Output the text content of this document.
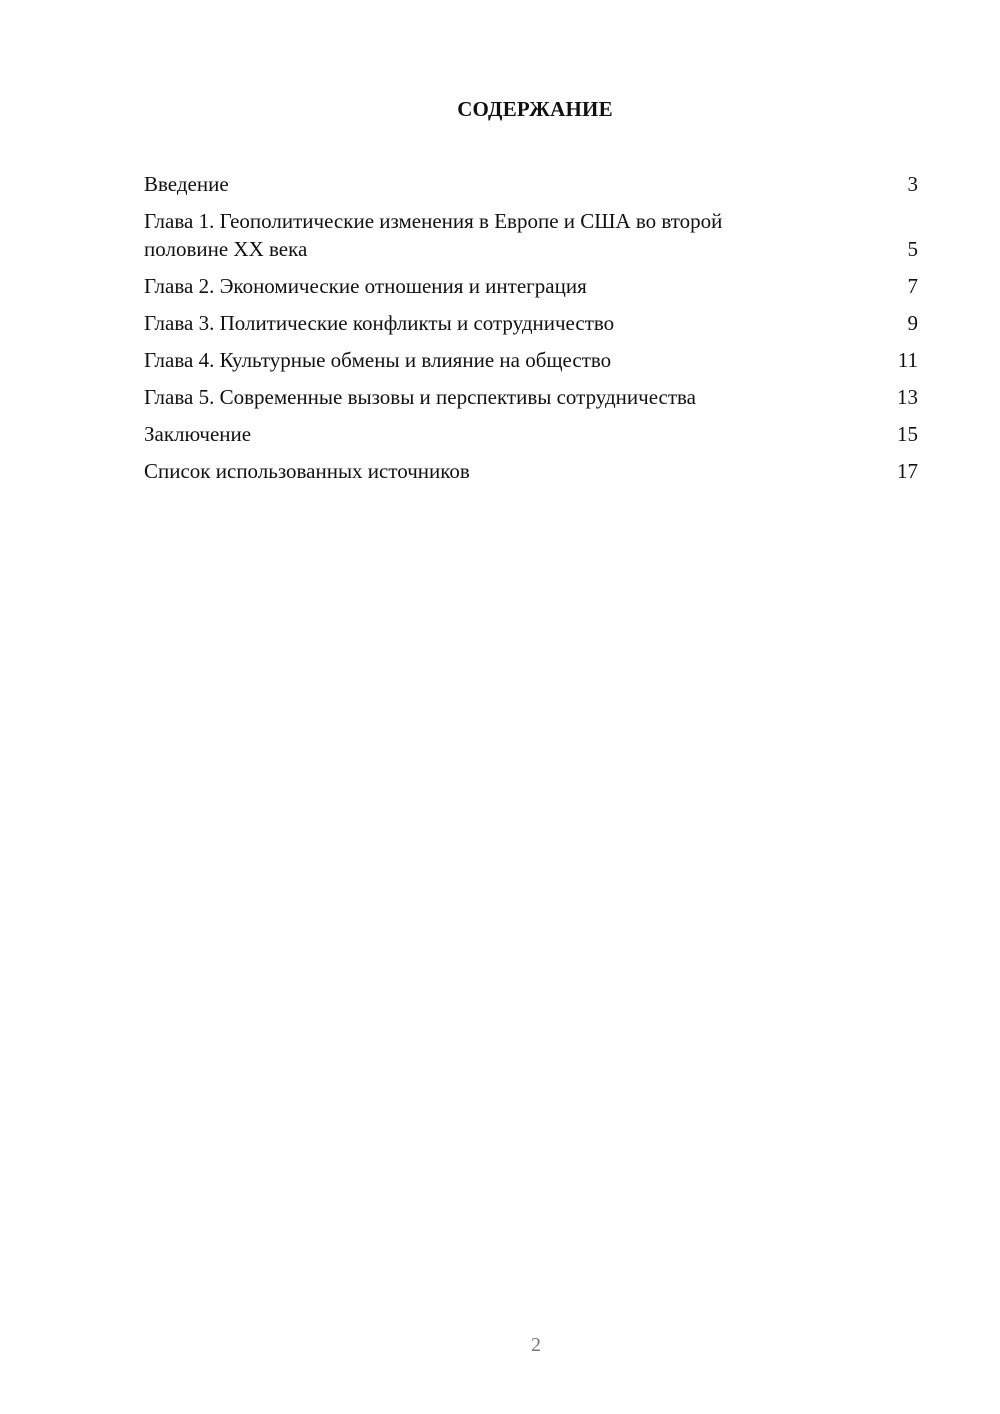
СОДЕРЖАНИЕ
Введение	3
Глава 1. Геополитические изменения в Европе и США во второй половине XX века	5
Глава 2. Экономические отношения и интеграция	7
Глава 3. Политические конфликты и сотрудничество	9
Глава 4. Культурные обмены и влияние на общество	11
Глава 5. Современные вызовы и перспективы сотрудничества	13
Заключение	15
Список использованных источников	17
2
